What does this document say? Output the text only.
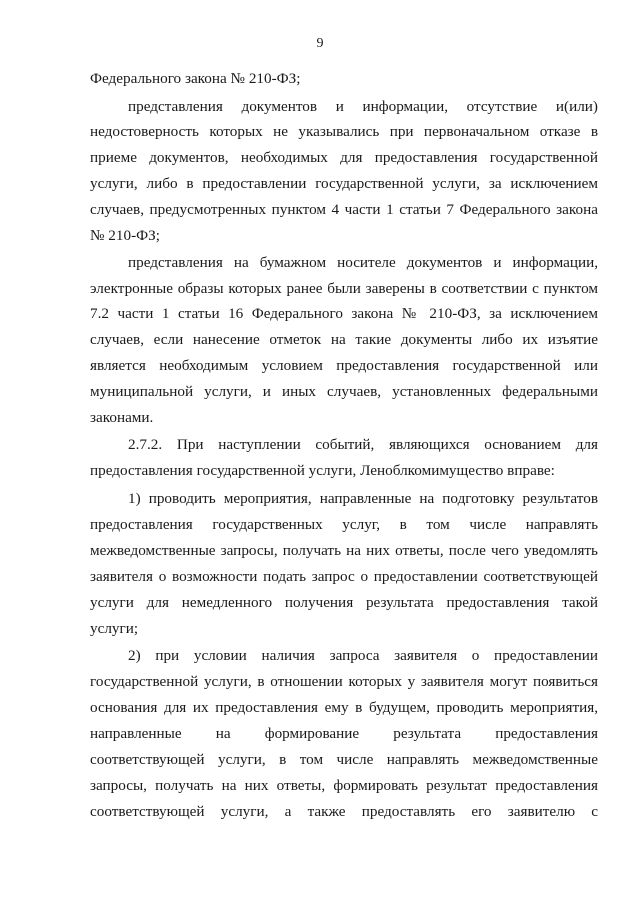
9
Федерального закона № 210-ФЗ;
представления документов и информации, отсутствие и(или)
недостоверность которых не указывались при первоначальном отказе в
приеме документов, необходимых для предоставления государственной
услуги, либо в предоставлении государственной услуги, за исключением
случаев, предусмотренных пунктом 4 части 1 статьи 7 Федерального закона
№ 210-ФЗ;
представления на бумажном носителе документов и информации,
электронные образы которых ранее были заверены в соответствии с пунктом
7.2 части 1 статьи 16 Федерального закона № 210-ФЗ, за исключением
случаев, если нанесение отметок на такие документы либо их изъятие
является необходимым условием предоставления государственной или
муниципальной услуги, и иных случаев, установленных федеральными
законами.
2.7.2. При наступлении событий, являющихся основанием для
предоставления государственной услуги, Леноблкомимущество вправе:
1) проводить мероприятия, направленные на подготовку результатов
предоставления государственных услуг, в том числе направлять
межведомственные запросы, получать на них ответы, после чего уведомлять
заявителя о возможности подать запрос о предоставлении соответствующей
услуги для немедленного получения результата предоставления такой
услуги;
2) при условии наличия запроса заявителя о предоставлении
государственной услуги, в отношении которых у заявителя могут появиться
основания для их предоставления ему в будущем, проводить мероприятия,
направленные на формирование результата предоставления
соответствующей услуги, в том числе направлять межведомственные
запросы, получать на них ответы, формировать результат предоставления
соответствующей услуги, а также предоставлять его заявителю с
